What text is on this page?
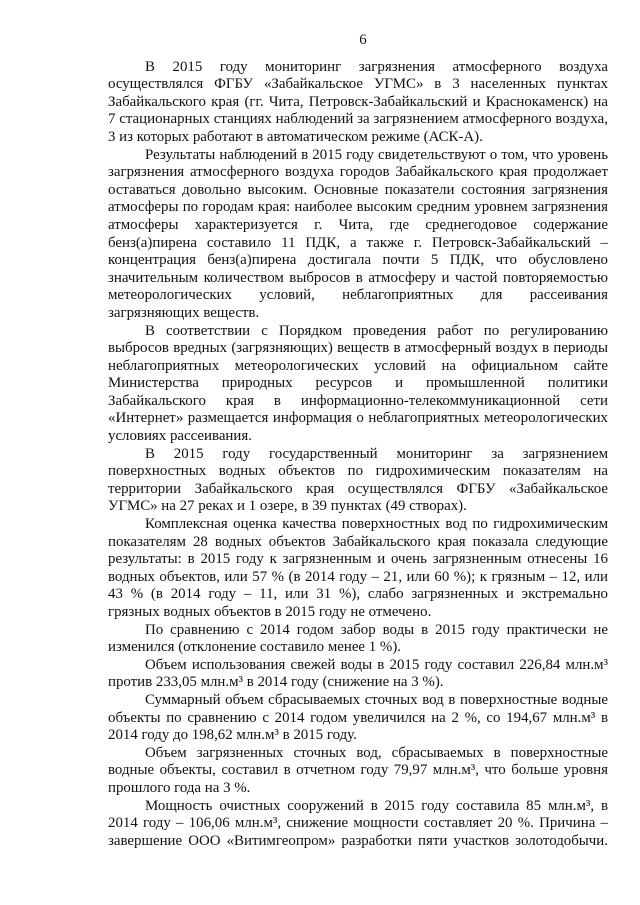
6

В 2015 году мониторинг загрязнения атмосферного воздуха осуществлялся ФГБУ «Забайкальское УГМС» в 3 населенных пунктах Забайкальского края (гг. Чита, Петровск-Забайкальский и Краснокаменск) на 7 стационарных станциях наблюдений за загрязнением атмосферного воздуха, 3 из которых работают в автоматическом режиме (АСК-А).

Результаты наблюдений в 2015 году свидетельствуют о том, что уровень загрязнения атмосферного воздуха городов Забайкальского края продолжает оставаться довольно высоким. Основные показатели состояния загрязнения атмосферы по городам края: наиболее высоким средним уровнем загрязнения атмосферы характеризуется г. Чита, где среднегодовое содержание бенз(а)пирена составило 11 ПДК, а также г. Петровск-Забайкальский – концентрация бенз(а)пирена достигала почти 5 ПДК, что обусловлено значительным количеством выбросов в атмосферу и частой повторяемостью метеорологических условий, неблагоприятных для рассеивания загрязняющих веществ.

В соответствии с Порядком проведения работ по регулированию выбросов вредных (загрязняющих) веществ в атмосферный воздух в периоды неблагоприятных метеорологических условий на официальном сайте Министерства природных ресурсов и промышленной политики Забайкальского края в информационно-телекоммуникационной сети «Интернет» размещается информация о неблагоприятных метеорологических условиях рассеивания.

В 2015 году государственный мониторинг за загрязнением поверхностных водных объектов по гидрохимическим показателям на территории Забайкальского края осуществлялся ФГБУ «Забайкальское УГМС» на 27 реках и 1 озере, в 39 пунктах (49 створах).

Комплексная оценка качества поверхностных вод по гидрохимическим показателям 28 водных объектов Забайкальского края показала следующие результаты: в 2015 году к загрязненным и очень загрязненным отнесены 16 водных объектов, или 57 % (в 2014 году – 21, или 60 %); к грязным – 12, или 43 % (в 2014 году – 11, или 31 %), слабо загрязненных и экстремально грязных водных объектов в 2015 году не отмечено.

По сравнению с 2014 годом забор воды в 2015 году практически не изменился (отклонение составило менее 1 %).

Объем использования свежей воды в 2015 году составил 226,84 млн.м³ против 233,05 млн.м³ в 2014 году (снижение на 3 %).

Суммарный объем сбрасываемых сточных вод в поверхностные водные объекты по сравнению с 2014 годом увеличился на 2 %, со 194,67 млн.м³ в 2014 году до 198,62 млн.м³ в 2015 году.

Объем загрязненных сточных вод, сбрасываемых в поверхностные водные объекты, составил в отчетном году 79,97 млн.м³, что больше уровня прошлого года на 3 %.

Мощность очистных сооружений в 2015 году составила 85 млн.м³, в 2014 году – 106,06 млн.м³, снижение мощности составляет 20 %. Причина – завершение ООО «Витимгеопром» разработки пяти участков золотодобычи.
